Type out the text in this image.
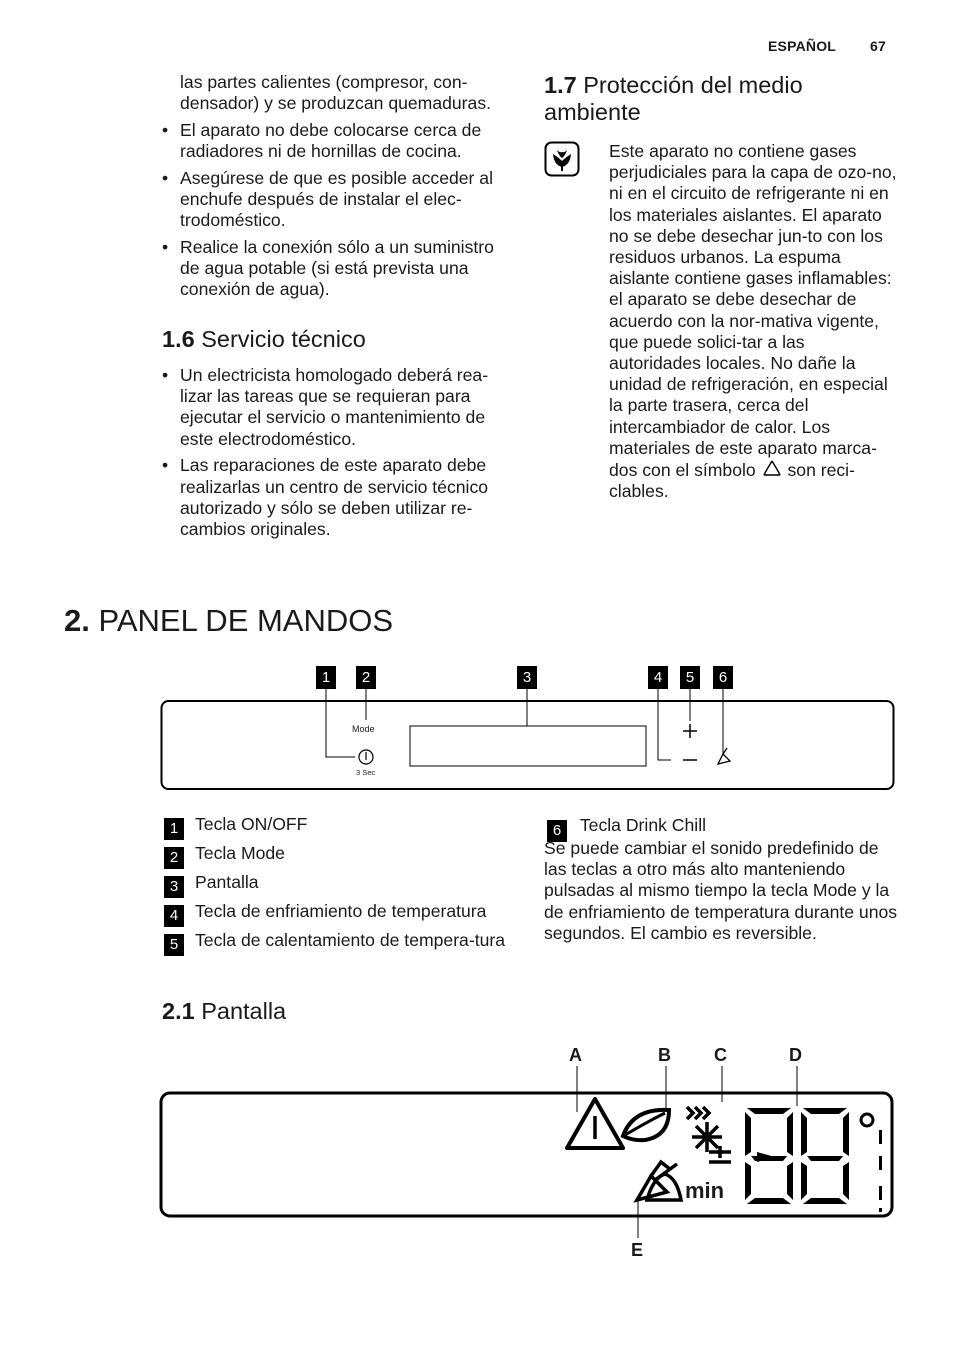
ESPAÑOL 67
las partes calientes (compresor, con-densador) y se produzcan quemaduras.
• El aparato no debe colocarse cerca de radiadores ni de hornillas de cocina.
• Asegúrese de que es posible acceder al enchufe después de instalar el elec-trodoméstico.
• Realice la conexión sólo a un suministro de agua potable (si está prevista una conexión de agua).
1.6 Servicio técnico
• Un electricista homologado deberá rea-lizar las tareas que se requieran para ejecutar el servicio o mantenimiento de este electrodoméstico.
• Las reparaciones de este aparato debe realizarlas un centro de servicio técnico autorizado y sólo se deben utilizar re-cambios originales.
1.7 Protección del medio ambiente
Este aparato no contiene gases perjudiciales para la capa de ozo-no, ni en el circuito de refrigerante ni en los materiales aislantes. El aparato no se debe desechar jun-to con los residuos urbanos. La espuma aislante contiene gases inflamables: el aparato se debe desechar de acuerdo con la nor-mativa vigente, que puede solici-tar a las autoridades locales. No dañe la unidad de refrigeración, en especial la parte trasera, cerca del intercambiador de calor. Los materiales de este aparato marca-dos con el símbolo son reci-clables.
2. PANEL DE MANDOS
1	2	3	4	5	6
Mode
3 Sec
1 Tecla ON/OFF
2 Tecla Mode
3 Pantalla
4 Tecla de enfriamiento de temperatura
5 Tecla de calentamiento de tempera-tura
6 Tecla Drink Chill
Se puede cambiar el sonido predefinido de las teclas a otro más alto manteniendo pulsadas al mismo tiempo la tecla Mode y la de enfriamiento de temperatura durante unos segundos. El cambio es reversible.
2.1 Pantalla
A	B C	D
E
min
